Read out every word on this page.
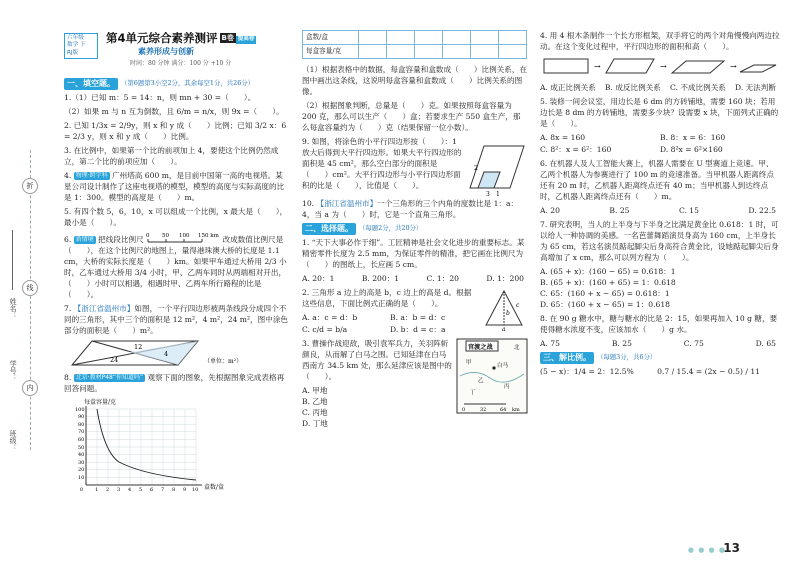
折
线
内
姓名：
学号：
班级：
六年级
数学 下
RJ版
第4单元综合素养测评 B卷 提高卷
素养形成与创新
时间：80 分钟 满分：100 分 +10 分
一、填空题。 （第6题第3小空2分，其余每空1分，共26分）
1.（1）已知 m：5 = 14：n，则 mn + 30 =（　　）。
（2）如果 m 与 n 互为倒数，且 6/m = n/x，则 9x =（　　）。
2. 已知 1/3x = 2/9y，则 x 和 y 成（　　）比例；已知 3/2 x：6 = 2/3 y，则 x 和 y 成（　　）比例。
3. 在比例中，如果第一个比的前项加上 4，要使这个比例仍然成立，第二个比的前项应加（　　）。
4. 物理·跨学科 广州塔高 600 m，是目前中国第一高的电视塔。某星公司设计制作了这座电视塔的模型，模型的高度与实际高度的比是 1：300。模型的高度是（　　）m。
5. 有四个数 5，6，10，x 可以组成一个比例，x 最大是（　　），最小是（　　）。
6. 新情境 把线段比例尺 0 50 100 150 km 改成数值比例尺是（　　），在这个比例尺的地图上，量得港珠澳大桥的长度是 1.1 cm，大桥的实际长度是（　　）km。如果甲车通过大桥用 2/3 小时，乙车通过大桥用 3/4 小时，甲、乙两车同时从两端相对开出，（　　）小时可以相遇，相遇时甲、乙两车所行路程的比是（　　）。
7. 【浙江省温州市】如图，一个平行四边形被两条线段分成四个不同的三角形，其中三个的面积是 12 m²，4 m²，24 m²，图中涂色部分的面积是（　　）m²。
12
4
24	（单位：m²）
8. 北京·教材P48“你知道吗” 观察下面的图象，先根据图象完成表格再回答问题。
每盒容量/克
100
90
80
70
60
50
40
30
20
10
0 1 2 3 4 5 6 7 8 9 10 盒数/盒
盒数/盒						
每盒容量/克						
（1）根据表格中的数据，每盒容量和盒数成（　　）比例关系，在图中画出这条线，这说明每盒容量和盒数成（　　）比例关系的图像。
（2）根据图象判断，总量是（　　）克。如果按照每盒容量为 200 克，那么可以生产（　　）盒；若要求生产 550 盒生产，那么每盒容量约为（　　）克（结果保留一位小数）。
9. 如图，将涂色的小平行四边形按（　　）：1 放大后得到大平行四边形。如果大平行四边形的面积是 45 cm²，那么空白部分的面积是（　　）cm²。大平行四边形与小平行四边形面积的比是（　　），比值是（　　）。
2
3 1
10. 【浙江省温州市】一个三角形的三个内角的度数比是 1：a：4，当 a 为（　　）时，它是一个直角三角形。
二、选择题。 （每题2分，共20分）
1. “天下大事必作于细”。工匠精神是社会文化进步的重要标志。某精密零件长度为 2.5 mm，为保证零件的精准，把它画在比例尺为（　　）的图纸上，长应画 5 cm。
A. 20：1	B. 200：1	C. 1：20	D. 1：200
2. 三角形 a 边上的高是 b，c 边上的高是 d。根据这些信息，下面比例式正确的是（　　）。
A. a：c = d：b	B. a：b = d：c
C. c/d = b/a	D. b：d = c：a
b
a
c
3. 曹操作战迎敌，吸引袁军兵力，关羽阵斩颜良，从而解了白马之围。已知延津在白马西南方 34.5 km 处，那么延津应该是图中的（　　）。
A. 甲地
B. 乙地
C. 丙地
D. 丁地
官渡之战	北
白马
甲
乙
丙
丁
0	32	64 km
4. 用 4 根木条制作一个长方形框架，双手将它的两个对角慢慢向两边拉动。在这个变化过程中，平行四边形的面积和高（　　）。
→	→	→
A. 成正比例关系 B. 成反比例关系 C. 不成比例关系 D. 无法判断
5. 装修一间会议室，用边长是 6 dm 的方砖铺地，需要 160 块；若用边长是 8 dm 的方砖铺地，需要多少块？设需要 x 块，下面列式正确的是（　　）。
A. 8x = 160	B. 8：x = 6：160
C. 8²：x = 6²：160	D. 8²x = 6²×160
6. 在机器人及人工智能大赛上，机器人需要在 U 型赛道上竞速。甲、乙两个机器人为参赛进行了 100 m 的竞速准备。当甲机器人距离终点还有 20 m 时，乙机器人距离终点还有 40 m；当甲机器人到达终点时，乙机器人距离终点还有（　　）m。
A. 20	B. 25	C. 15	D. 22.5
7. 研究表明，当人的上半身与下半身之比满足黄金比 0.618：1 时，可以给人一种协调的美感。一名芭蕾舞蹈演员身高为 160 cm，上半身长为 65 cm，若这名演员踮起脚尖后身高符合黄金比，设她踮起脚尖后身高增加了 x cm，那么可以列方程为（　　）。
A. (65 + x)：(160 − 65) = 0.618：1
B. (65 + x)：(160 + 65) = 1：0.618
C. 65：(160 + x − 65) = 0.618：1
D. 65：(160 + x − 65) = 1：0.618
8. 在 90 g 糖水中，糖与糖水的比是 2：15，如果再加入 10 g 糖，要使得糖水浓度不变，应该加水（　　）g 水。
A. 75	B. 25	C. 75	D. 65
三、解比例。 （每题3分，共6分）
(5 − x)：1/4 = 2：12.5%	0.7 / 15.4 = (2x − 0.5) / 11
● ● ● ●
13
